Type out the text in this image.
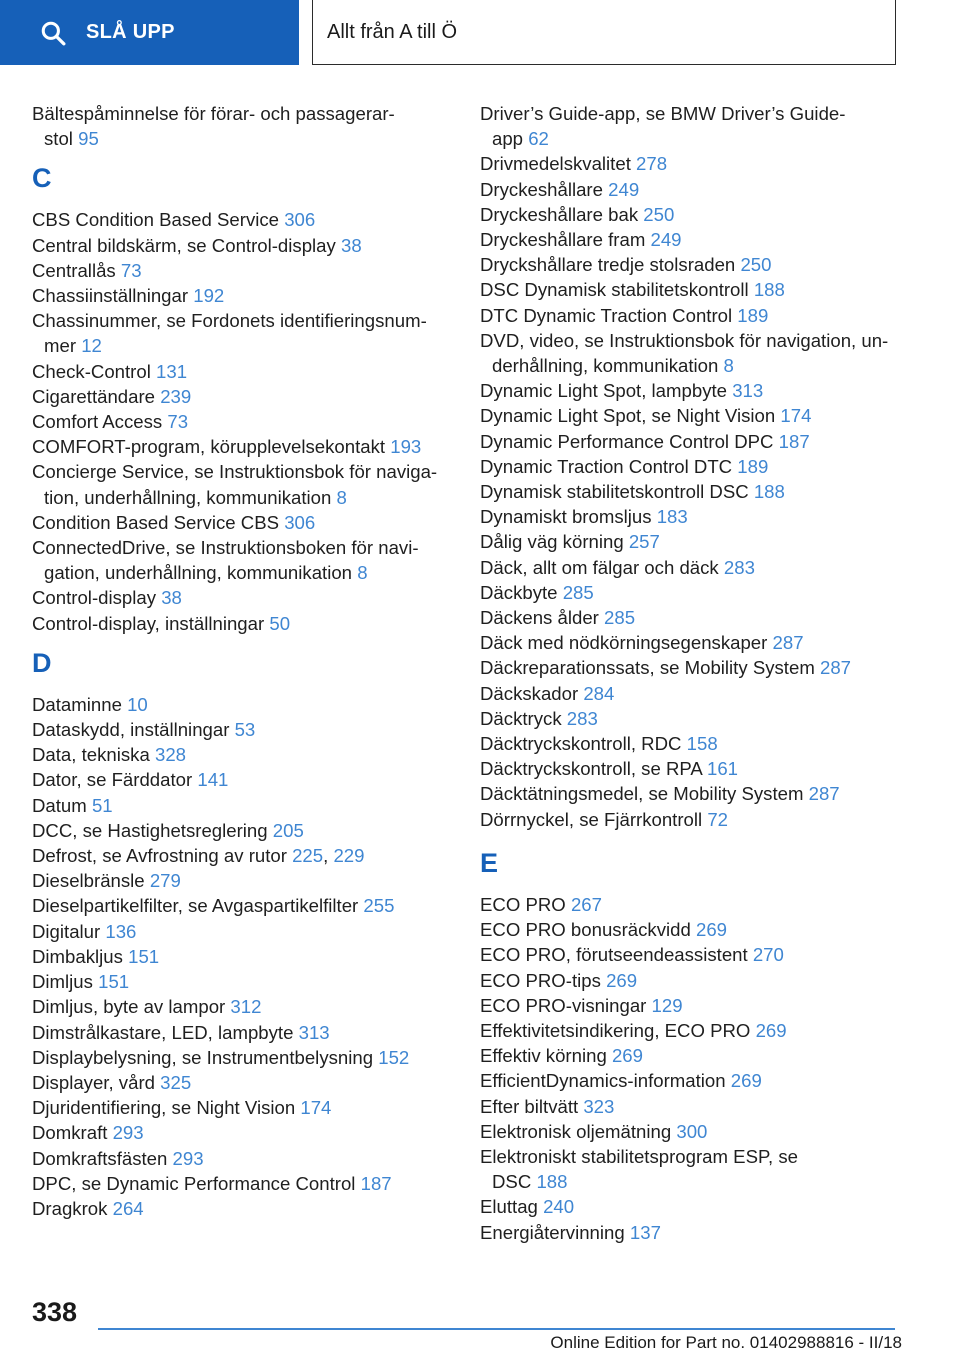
SLÅ UPP	Allt från A till Ö
Bältespåminnelse för förar- och passagerar-
stol 95
C
CBS Condition Based Service 306
Central bildskärm, se Control-display 38
Centrallås 73
Chassiinställningar 192
Chassinummer, se Fordonets identifieringsnum-
mer 12
Check-Control 131
Cigarettändare 239
Comfort Access 73
COMFORT-program, körupplevelsekontakt 193
Concierge Service, se Instruktionsbok för naviga-
tion, underhållning, kommunikation 8
Condition Based Service CBS 306
ConnectedDrive, se Instruktionsboken för navi-
gation, underhållning, kommunikation 8
Control-display 38
Control-display, inställningar 50
D
Dataminne 10
Dataskydd, inställningar 53
Data, tekniska 328
Dator, se Färddator 141
Datum 51
DCC, se Hastighetsreglering 205
Defrost, se Avfrostning av rutor 225, 229
Dieselbränsle 279
Dieselpartikelfilter, se Avgaspartikelfilter 255
Digitalur 136
Dimbakljus 151
Dimljus 151
Dimljus, byte av lampor 312
Dimstrålkastare, LED, lampbyte 313
Displaybelysning, se Instrumentbelysning 152
Displayer, vård 325
Djuridentifiering, se Night Vision 174
Domkraft 293
Domkraftsfästen 293
DPC, se Dynamic Performance Control 187
Dragkrok 264
Driver’s Guide-app, se BMW Driver’s Guide-
app 62
Drivmedelskvalitet 278
Dryckeshållare 249
Dryckeshållare bak 250
Dryckeshållare fram 249
Dryckshållare tredje stolsraden 250
DSC Dynamisk stabilitetskontroll 188
DTC Dynamic Traction Control 189
DVD, video, se Instruktionsbok för navigation, un-
derhållning, kommunikation 8
Dynamic Light Spot, lampbyte 313
Dynamic Light Spot, se Night Vision 174
Dynamic Performance Control DPC 187
Dynamic Traction Control DTC 189
Dynamisk stabilitetskontroll DSC 188
Dynamiskt bromsljus 183
Dålig väg körning 257
Däck, allt om fälgar och däck 283
Däckbyte 285
Däckens ålder 285
Däck med nödkörningsegenskaper 287
Däckreparationssats, se Mobility System 287
Däckskador 284
Däcktryck 283
Däcktryckskontroll, RDC 158
Däcktryckskontroll, se RPA 161
Däcktätningsmedel, se Mobility System 287
Dörrnyckel, se Fjärrkontroll 72
E
ECO PRO 267
ECO PRO bonusräckvidd 269
ECO PRO, förutseendeassistent 270
ECO PRO-tips 269
ECO PRO-visningar 129
Effektivitetsindikering, ECO PRO 269
Effektiv körning 269
EfficientDynamics-information 269
Efter biltvätt 323
Elektronisk oljemätning 300
Elektroniskt stabilitetsprogram ESP, se
DSC 188
Eluttag 240
Energiåtervinning 137
338
Online Edition for Part no. 01402988816 - II/18
